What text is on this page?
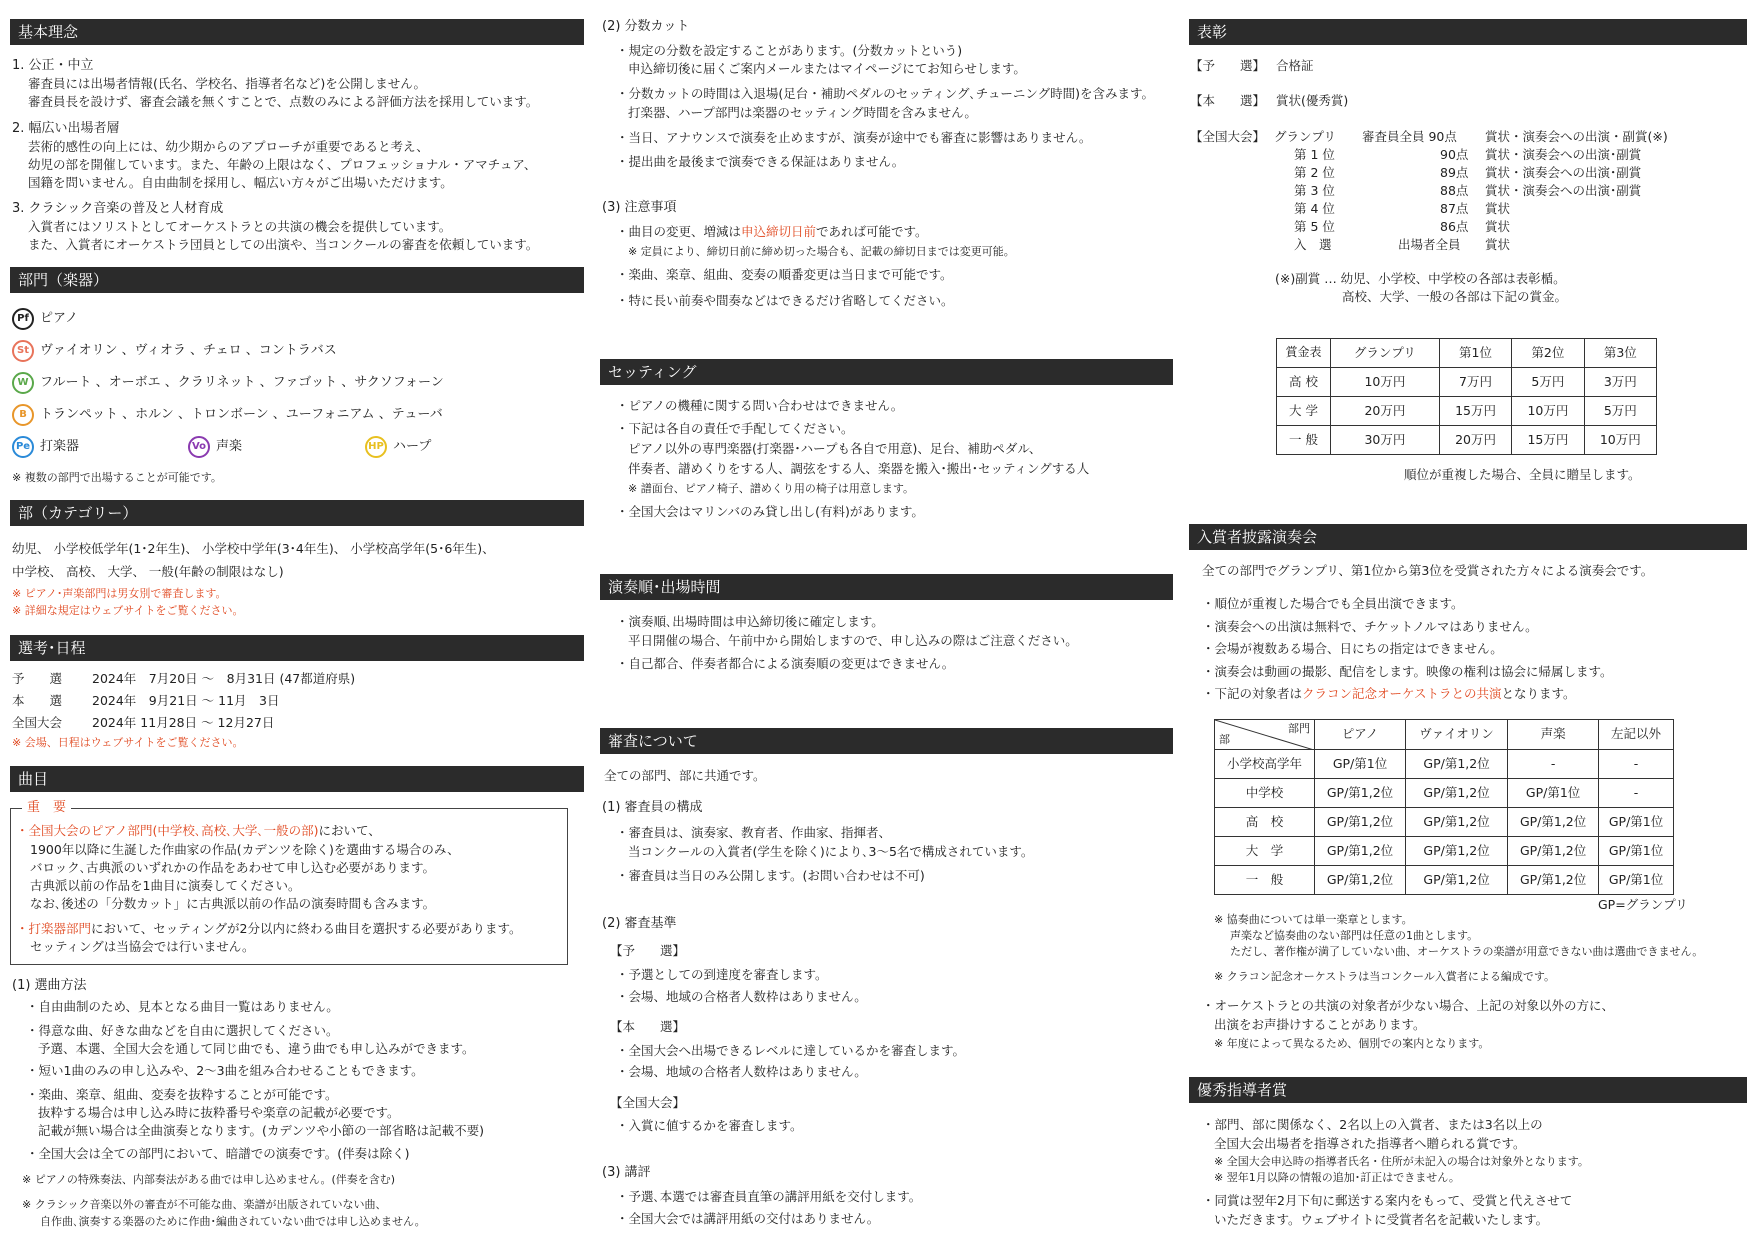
基本理念
1. 公正・中立
審査員には出場者情報(氏名、学校名、指導者名など)を公開しません。
審査員長を設けず、審査会議を無くすことで、点数のみによる評価方法を採用しています。
2. 幅広い出場者層
芸術的感性の向上には、幼少期からのアプローチが重要であると考え、
幼児の部を開催しています。また、年齢の上限はなく、プロフェッショナル・アマチュア、
国籍を問いません。自由曲制を採用し、幅広い方々がご出場いただけます。
3. クラシック音楽の普及と人材育成
入賞者にはソリストとしてオーケストラとの共演の機会を提供しています。
また、入賞者にオーケストラ団員としての出演や、当コンクールの審査を依頼しています。
部門（楽器）
Pf ピアノ
St ヴァイオリン 、ヴィオラ 、チェロ 、コントラバス
W フルート 、オーボエ 、クラリネット 、ファゴット 、サクソフォーン
B	トランペット 、ホルン 、トロンボーン 、ユーフォニアム 、テューバ
Pe 打楽器	Vo 声楽	HP ハープ
※ 複数の部門で出場することが可能です。
部（カテゴリー）
幼児、 小学校低学年(1･2年生)、 小学校中学年(3･4年生)、 小学校高学年(5･6年生)、
中学校、 高校、 大学、 一般(年齢の制限はなし)
※ ピアノ･声楽部門は男女別で審査します。
※ 詳細な規定はウェブサイトをご覧ください。
選考･日程
予　　選 2024年　7月20日 〜　8月31日 (47都道府県)
本　　選 2024年　9月21日 〜 11月　3日
全国大会 2024年 11月28日 〜 12月27日
※ 会場、日程はウェブサイトをご覧ください。
曲目
重　要
・全国大会のピアノ部門(中学校､高校､大学､一般の部)において、
1900年以降に生誕した作曲家の作品(カデンツを除く)を選曲する場合のみ、
バロック､古典派のいずれかの作品をあわせて申し込む必要があります。
古典派以前の作品を1曲目に演奏してください。
なお､後述の「分数カット」に古典派以前の作品の演奏時間も含みます。
・打楽器部門において、セッティングが2分以内に終わる曲目を選択する必要があります。
セッティングは当協会では行いません。
(1) 選曲方法
・自由曲制のため、見本となる曲目一覧はありません。
・得意な曲、好きな曲などを自由に選択してください。
予選、本選、全国大会を通して同じ曲でも、違う曲でも申し込みができます。
・短い1曲のみの申し込みや、2〜3曲を組み合わせることもできます。
・楽曲、楽章、組曲、変奏を抜粋することが可能です。
抜粋する場合は申し込み時に抜粋番号や楽章の記載が必要です。
記載が無い場合は全曲演奏となります。(カデンツや小節の一部省略は記載不要)
・全国大会は全ての部門において、暗譜での演奏です。(伴奏は除く)
※ ピアノの特殊奏法、内部奏法がある曲では申し込めません。(伴奏を含む)
※ クラシック音楽以外の審査が不可能な曲、楽譜が出版されていない曲、
自作曲､演奏する楽器のために作曲･編曲されていない曲では申し込めません。
(2) 分数カット
・規定の分数を設定することがあります。(分数カットという)
申込締切後に届くご案内メールまたはマイページにてお知らせします。
・分数カットの時間は入退場(足台・補助ペダルのセッティング､チューニング時間)を含みます。
打楽器、ハープ部門は楽器のセッティング時間を含みません。
・当日、アナウンスで演奏を止めますが、演奏が途中でも審査に影響はありません。
・提出曲を最後まで演奏できる保証はありません。
(3) 注意事項
・曲目の変更、増減は申込締切日前であれば可能です。
※ 定員により、締切日前に締め切った場合も、記載の締切日までは変更可能。
・楽曲、楽章、組曲、変奏の順番変更は当日まで可能です。
・特に長い前奏や間奏などはできるだけ省略してください。
セッティング
・ピアノの機種に関する問い合わせはできません。
・下記は各自の責任で手配してください。
ピアノ以外の専門楽器(打楽器･ハープも各自で用意)、足台、補助ペダル、
伴奏者、譜めくりをする人、調弦をする人、楽器を搬入･搬出･セッティングする人
※ 譜面台、ピアノ椅子、譜めくり用の椅子は用意します。
・全国大会はマリンバのみ貸し出し(有料)があります。
演奏順･出場時間
・演奏順､出場時間は申込締切後に確定します。
平日開催の場合、午前中から開始しますので、申し込みの際はご注意ください。
・自己都合、伴奏者都合による演奏順の変更はできません。
審査について
全ての部門、部に共通です。
(1) 審査員の構成
・審査員は、演奏家、教育者、作曲家、指揮者、
当コンクールの入賞者(学生を除く)により､3〜5名で構成されています。
・審査員は当日のみ公開します。(お問い合わせは不可)
(2) 審査基準
【予　　選】
・予選としての到達度を審査します。
・会場、地域の合格者人数枠はありません。
【本　　選】
・全国大会へ出場できるレベルに達しているかを審査します。
・会場、地域の合格者人数枠はありません。
【全国大会】
・入賞に値するかを審査します。
(3) 講評
・予選､本選では審査員直筆の講評用紙を交付します。
・全国大会では講評用紙の交付はありません。
表彰
【予　　選】 合格証
【本　　選】 賞状(優秀賞)
【全国大会】 グランプリ 審査員全員 90点 賞状・演奏会への出演・副賞(※)
第 1 位	90点 賞状・演奏会への出演･副賞
第 2 位	89点 賞状・演奏会への出演･副賞
第 3 位	88点 賞状・演奏会への出演･副賞
第 4 位	87点 賞状
第 5 位	86点 賞状
入　選	出場者全員 賞状
(※)副賞 … 幼児、小学校、中学校の各部は表彰楯。
高校、大学、一般の各部は下記の賞金。
賞金表	グランプリ	第1位	第2位	第3位
高 校	10万円	7万円	5万円	3万円
大 学	20万円	15万円	10万円	5万円
一 般	30万円	20万円	15万円	10万円
順位が重複した場合、全員に贈呈します。
入賞者披露演奏会
全ての部門でグランプリ、第1位から第3位を受賞された方々による演奏会です。
・順位が重複した場合でも全員出演できます。
・演奏会への出演は無料で、チケットノルマはありません。
・会場が複数ある場合、日にちの指定はできません。
・演奏会は動画の撮影、配信をします。映像の権利は協会に帰属します。
・下記の対象者はクラコン記念オーケストラとの共演となります。
部門
部	ピアノ	ヴァイオリン	声楽	左記以外
小学校高学年	GP/第1位	GP/第1,2位	-	-
中学校	GP/第1,2位	GP/第1,2位	GP/第1位	-
高　校	GP/第1,2位	GP/第1,2位	GP/第1,2位	GP/第1位
大　学	GP/第1,2位	GP/第1,2位	GP/第1,2位	GP/第1位
一　般	GP/第1,2位	GP/第1,2位	GP/第1,2位	GP/第1位
GP=グランプリ
※ 協奏曲については単一楽章とします。
声楽など協奏曲のない部門は任意の1曲とします。
ただし、著作権が満了していない曲、オーケストラの楽譜が用意できない曲は選曲できません。
※ クラコン記念オーケストラは当コンクール入賞者による編成です。
・オーケストラとの共演の対象者が少ない場合、上記の対象以外の方に、
出演をお声掛けすることがあります。
※ 年度によって異なるため、個別での案内となります。
優秀指導者賞
・部門、部に関係なく、2名以上の入賞者、または3名以上の
全国大会出場者を指導された指導者へ贈られる賞です。
※ 全国大会申込時の指導者氏名・住所が未記入の場合は対象外となります。
※ 翌年1月以降の情報の追加･訂正はできません。
・同賞は翌年2月下旬に郵送する案内をもって、受賞と代えさせて
いただきます。ウェブサイトに受賞者名を記載いたします。
